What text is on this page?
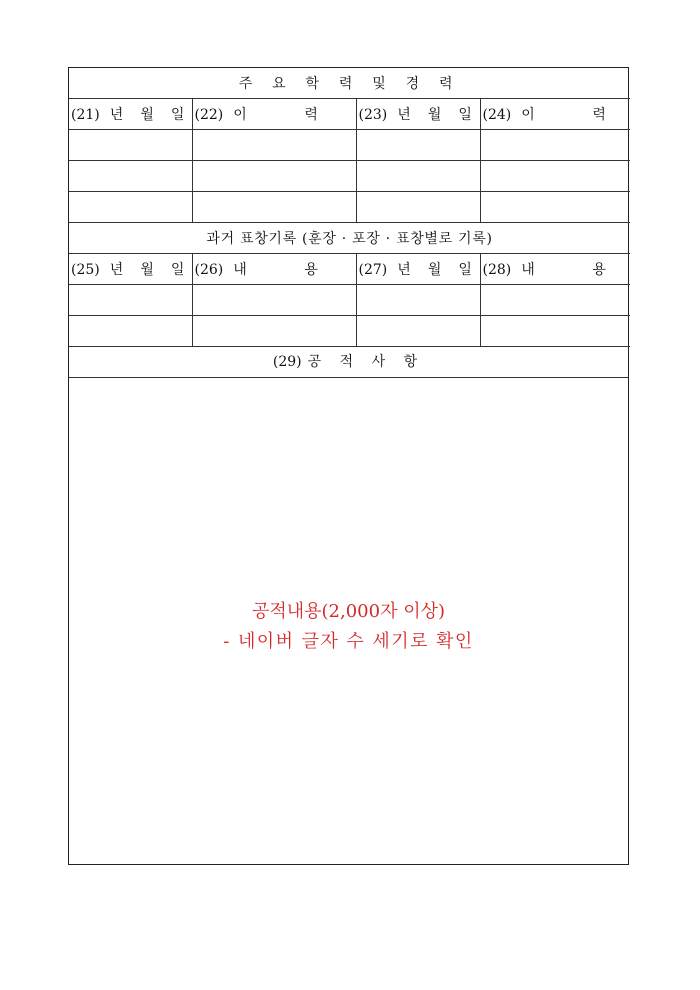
주 요 학 력 및 경 력			
(21) 년 월 일	(22) 이 력	(23) 년 월 일	(24) 이 력

과거 표창기록 (훈장 · 포장 · 표창별로 기록)			
(25) 년 월 일	(26) 내 용	(27) 년 월 일	(28) 내 용

(29) 공 적 사 항
공적내용(2,000자 이상)
- 네이버 글자 수 세기로 확인
